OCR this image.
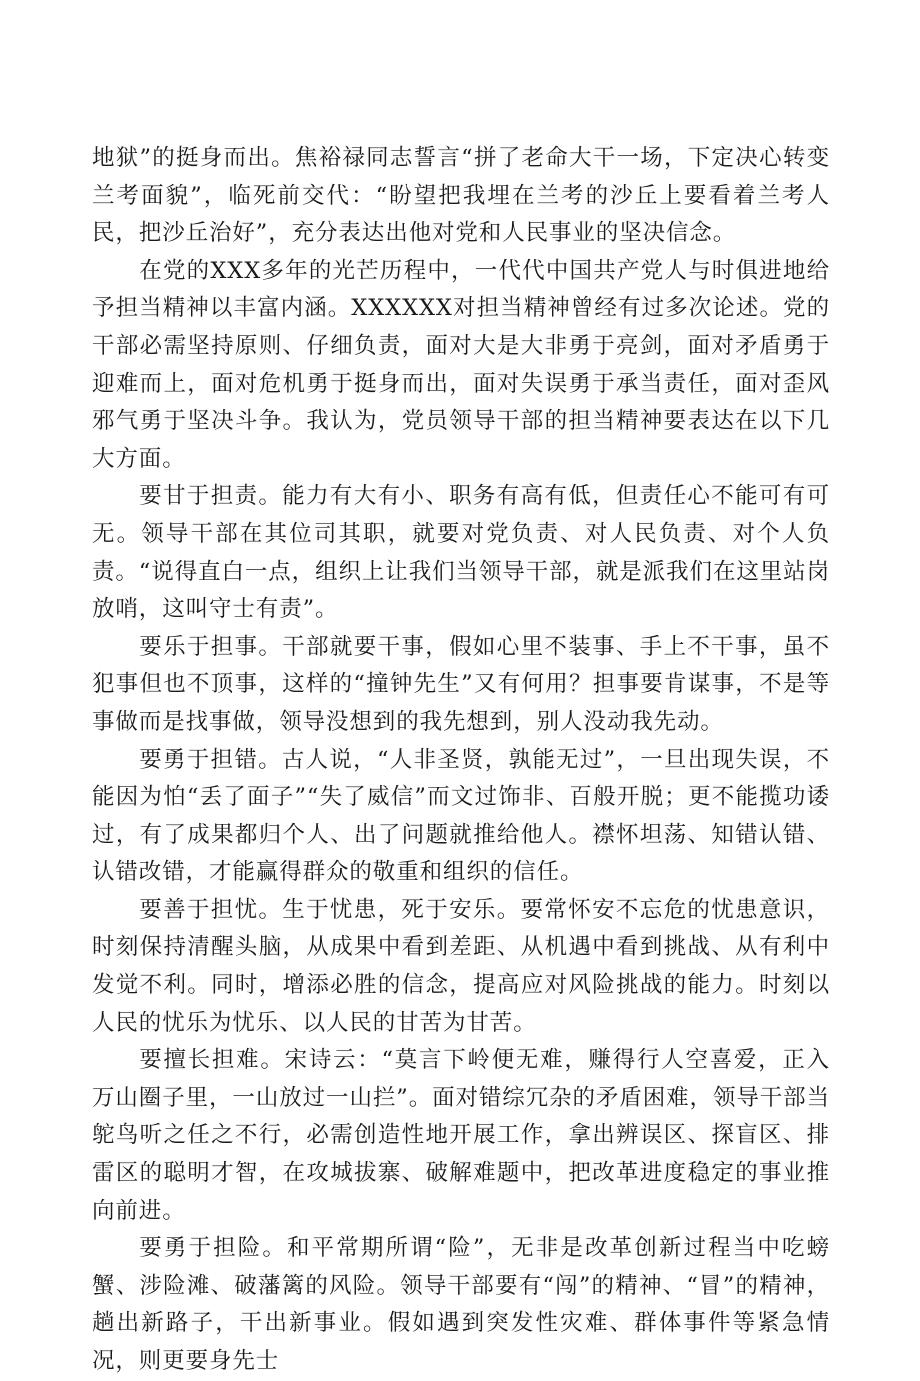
地狱”的挺身而出。焦裕禄同志誓言“拼了老命大干一场，下定决心转变兰考面貌”，临死前交代：“盼望把我埋在兰考的沙丘上要看着兰考人民，把沙丘治好”，充分表达出他对党和人民事业的坚决信念。

在党的XXX多年的光芒历程中，一代代中国共产党人与时俱进地给予担当精神以丰富内涵。XXXXXX对担当精神曾经有过多次论述。党的干部必需坚持原则、仔细负责，面对大是大非勇于亮剑，面对矛盾勇于迎难而上，面对危机勇于挺身而出，面对失误勇于承当责任，面对歪风邪气勇于坚决斗争。我认为，党员领导干部的担当精神要表达在以下几大方面。

要甘于担责。能力有大有小、职务有高有低，但责任心不能可有可无。领导干部在其位司其职，就要对党负责、对人民负责、对个人负责。“说得直白一点，组织上让我们当领导干部，就是派我们在这里站岗放哨，这叫守士有责”。

要乐于担事。干部就要干事，假如心里不装事、手上不干事，虽不犯事但也不顶事，这样的“撞钟先生”又有何用？担事要肯谋事，不是等事做而是找事做，领导没想到的我先想到，别人没动我先动。

要勇于担错。古人说，“人非圣贤，孰能无过”，一旦出现失误，不能因为怕“丢了面子”“失了威信”而文过饰非、百般开脱；更不能揽功诿过，有了成果都归个人、出了问题就推给他人。襟怀坦荡、知错认错、认错改错，才能赢得群众的敬重和组织的信任。

要善于担忧。生于忧患，死于安乐。要常怀安不忘危的忧患意识，时刻保持清醒头脑，从成果中看到差距、从机遇中看到挑战、从有利中发觉不利。同时，增添必胜的信念，提高应对风险挑战的能力。时刻以人民的忧乐为忧乐、以人民的甘苦为甘苦。

要擅长担难。宋诗云：“莫言下岭便无难，赚得行人空喜爱，正入万山圈子里，一山放过一山拦”。面对错综冗杂的矛盾困难，领导干部当鸵鸟听之任之不行，必需创造性地开展工作，拿出辨误区、探盲区、排雷区的聪明才智，在攻城拔寨、破解难题中，把改革进度稳定的事业推向前进。

要勇于担险。和平常期所谓“险”，无非是改革创新过程当中吃螃蟹、涉险滩、破藩篱的风险。领导干部要有“闯”的精神、“冒”的精神，趟出新路子，干出新事业。假如遇到突发性灾难、群体事件等紧急情况，则更要身先士
